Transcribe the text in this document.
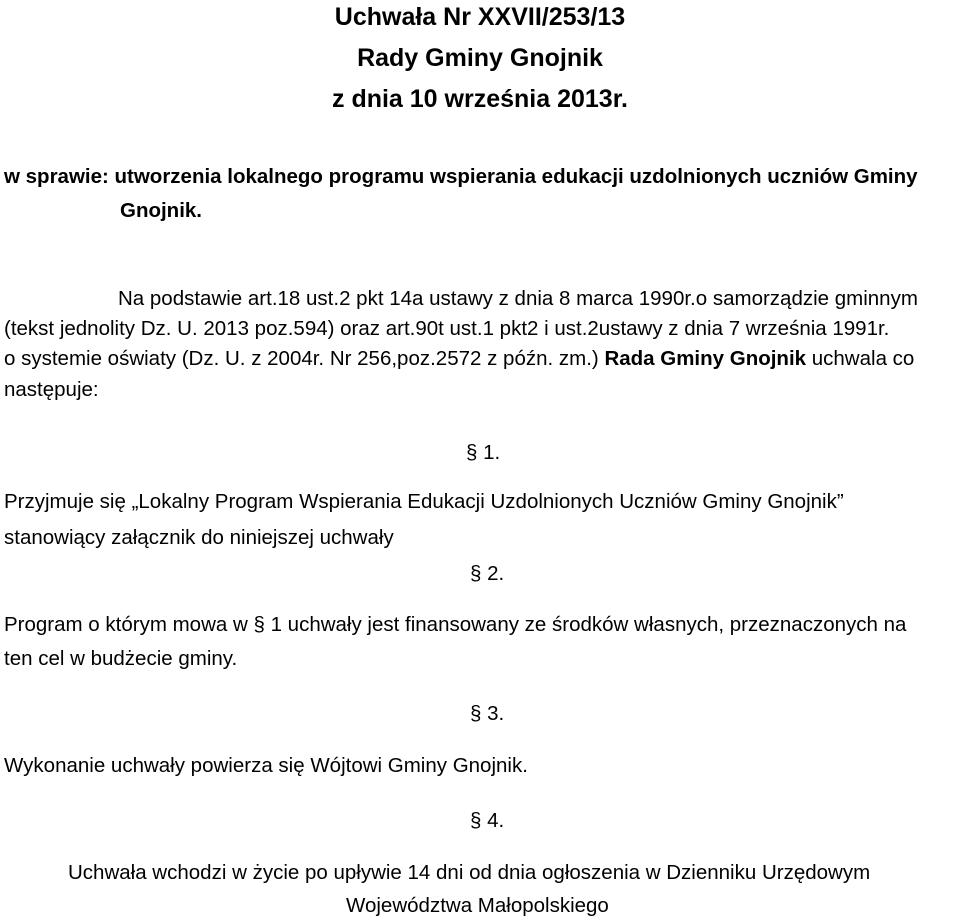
Uchwała Nr XXVII/253/13
Rady Gminy Gnojnik
z dnia 10 września 2013r.
w sprawie: utworzenia lokalnego programu wspierania edukacji uzdolnionych uczniów Gminy
Gnojnik.
Na podstawie art.18 ust.2 pkt 14a ustawy z dnia 8 marca 1990r.o samorządzie gminnym
(tekst jednolity Dz. U. 2013 poz.594) oraz art.90t ust.1 pkt2 i ust.2ustawy z dnia 7 września 1991r.
o systemie oświaty (Dz. U. z 2004r. Nr 256,poz.2572 z późn. zm.) Rada Gminy Gnojnik uchwala co
następuje:
§ 1.
Przyjmuje się „Lokalny Program Wspierania Edukacji Uzdolnionych Uczniów Gminy Gnojnik”
stanowiący załącznik do niniejszej uchwały
§ 2.
Program o którym mowa w § 1 uchwały jest finansowany ze środków własnych, przeznaczonych na
ten cel w budżecie gminy.
§ 3.
Wykonanie uchwały powierza się Wójtowi Gminy Gnojnik.
§ 4.
Uchwała wchodzi w życie po upływie 14 dni od dnia ogłoszenia w Dzienniku Urzędowym
Województwa Małopolskiego
